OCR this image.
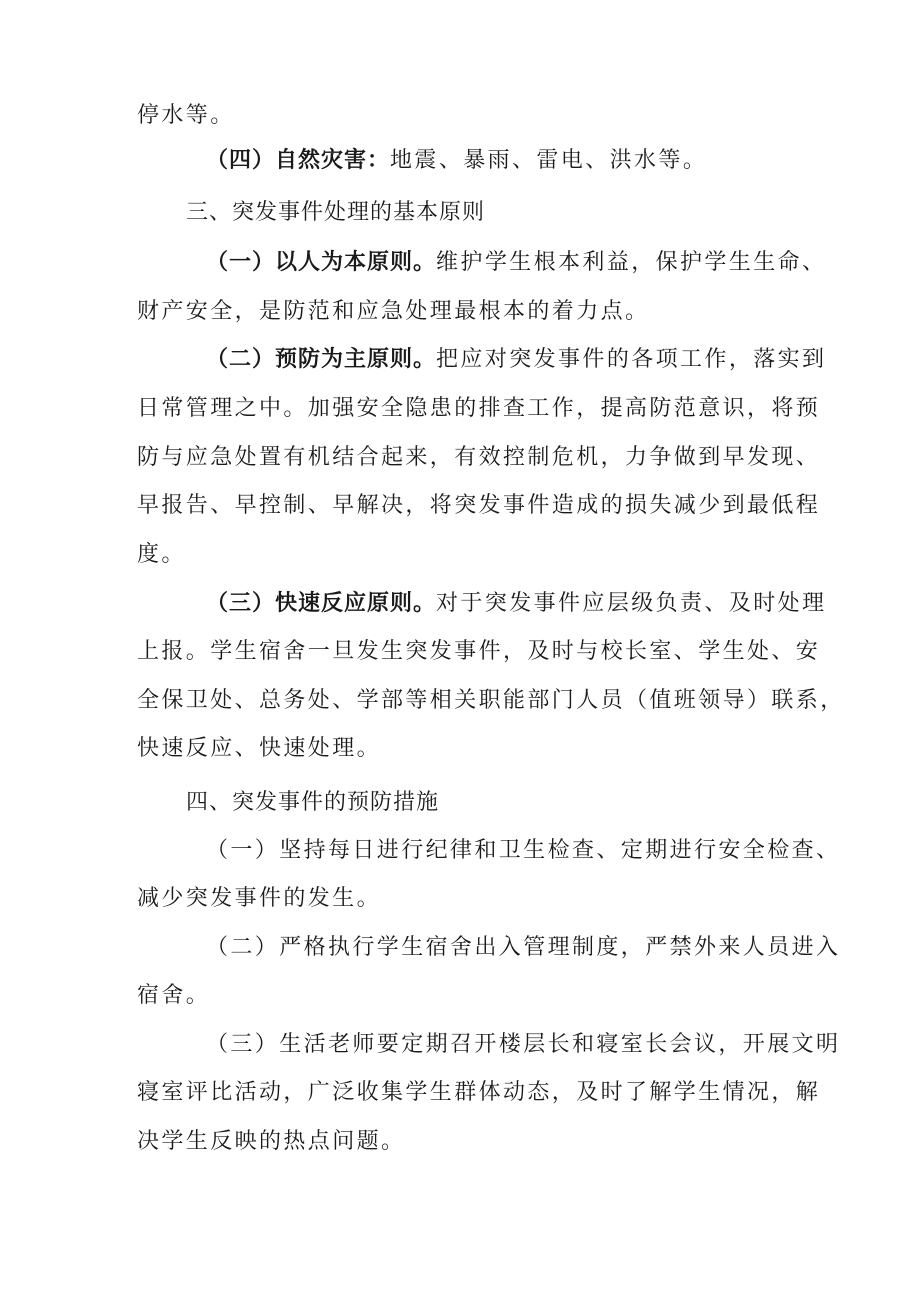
停水等。

（四）自然灾害：地震、暴雨、雷电、洪水等。

三、突发事件处理的基本原则

（一）以人为本原则。维护学生根本利益，保护学生生命、

财产安全，是防范和应急处理最根本的着力点。

（二）预防为主原则。把应对突发事件的各项工作，落实到

日常管理之中。加强安全隐患的排查工作，提高防范意识，将预

防与应急处置有机结合起来，有效控制危机，力争做到早发现、

早报告、早控制、早解决，将突发事件造成的损失减少到最低程

度。

（三）快速反应原则。对于突发事件应层级负责、及时处理

上报。学生宿舍一旦发生突发事件，及时与校长室、学生处、安

全保卫处、总务处、学部等相关职能部门人员（值班领导）联系，

快速反应、快速处理。

四、突发事件的预防措施

（一）坚持每日进行纪律和卫生检查、定期进行安全检查、

减少突发事件的发生。

（二）严格执行学生宿舍出入管理制度，严禁外来人员进入

宿舍。

（三）生活老师要定期召开楼层长和寝室长会议，开展文明

寝室评比活动，广泛收集学生群体动态，及时了解学生情况，解

决学生反映的热点问题。
